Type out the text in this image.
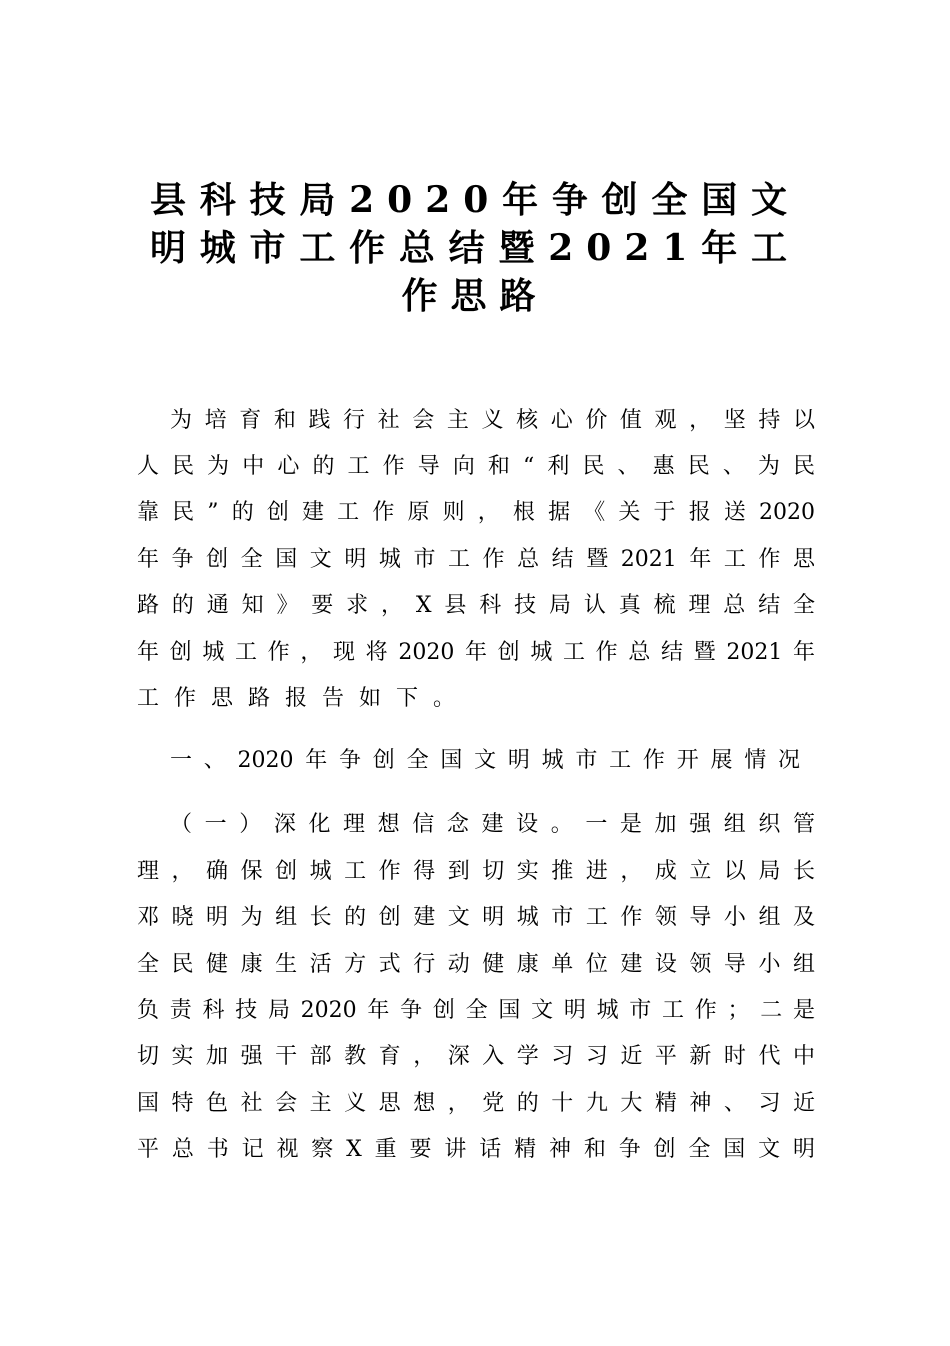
县科技局2020年争创全国文明城市工作总结暨2021年工作思路
为培育和践行社会主义核心价值观，坚持以
人民为中心的工作导向和“利民、惠民、为民
靠民”的创建工作原则，根据《关于报送2020
年争创全国文明城市工作总结暨2021年工作思
路的通知》要求，X县科技局认真梳理总结全
年创城工作，现将2020年创城工作总结暨2021年
工作思路报告如下。
一、2020年争创全国文明城市工作开展情况
（一）深化理想信念建设。一是加强组织管
理，确保创城工作得到切实推进，成立以局长
邓晓明为组长的创建文明城市工作领导小组及
全民健康生活方式行动健康单位建设领导小组
负责科技局2020年争创全国文明城市工作；二是
切实加强干部教育，深入学习习近平新时代中
国特色社会主义思想，党的十九大精神、习近
平总书记视察X重要讲话精神和争创全国文明
